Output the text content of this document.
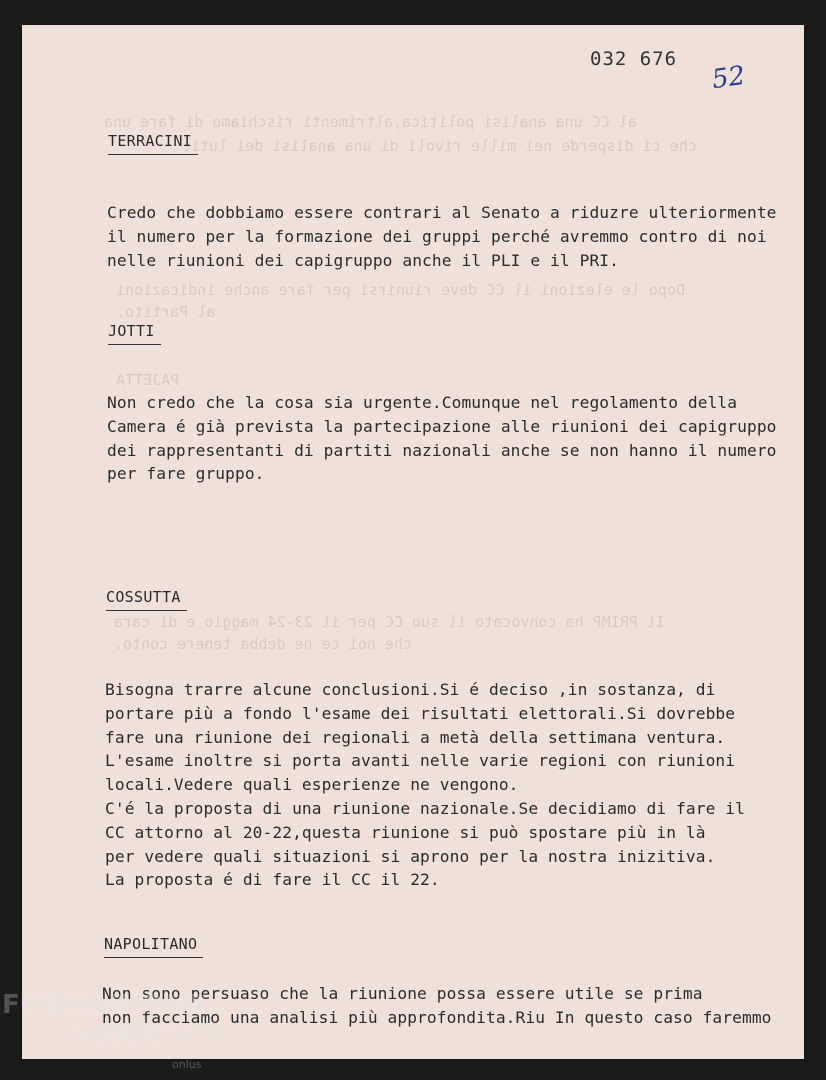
al CC una analisi politica,altrimenti rischiamo di fare una
che ci disperde nei mille rivoli di una analisi dei luti.
Dopo le elezioni il CC deve riunirsi per fare anche indicazioni
al Partito.
PAJETTA
Il PRIMP ha convocato il suo CC per il 23-24 maggio e di cara
che noi ce ne debba tenere conto.
032 676
52
TERRACINI
Credo che dobbiamo essere contrari al Senato a riduzre ulteriormente
il numero per la formazione dei gruppi perché avremmo contro di noi
nelle riunioni dei capigruppo anche il PLI e il PRI.
JOTTI
Non credo che la cosa sia urgente.Comunque nel regolamento della
Camera é già prevista la partecipazione alle riunioni dei capigruppo
dei rappresentanti di partiti nazionali anche se non hanno il numero
per fare gruppo.
COSSUTTA
Bisogna trarre alcune conclusioni.Si é deciso ,in sostanza, di
portare più a fondo l'esame dei risultati elettorali.Si dovrebbe
fare una riunione dei regionali a metà della settimana ventura.
L'esame inoltre si porta avanti nelle varie regioni con riunioni
locali.Vedere quali esperienze ne vengono.
C'é la proposta di una riunione nazionale.Se decidiamo di fare il
CC attorno al 20-22,questa riunione si può spostare più in là
per vedere quali situazioni si aprono per la nostra inizitiva.
La proposta é di fare il CC il 22.
NAPOLITANO
Non sono persuaso che la riunione possa essere utile se prima
non facciamo una analisi più approfondita.Riu In questo caso faremmo
FONDAZIONE
GRAMSCI
onlus
